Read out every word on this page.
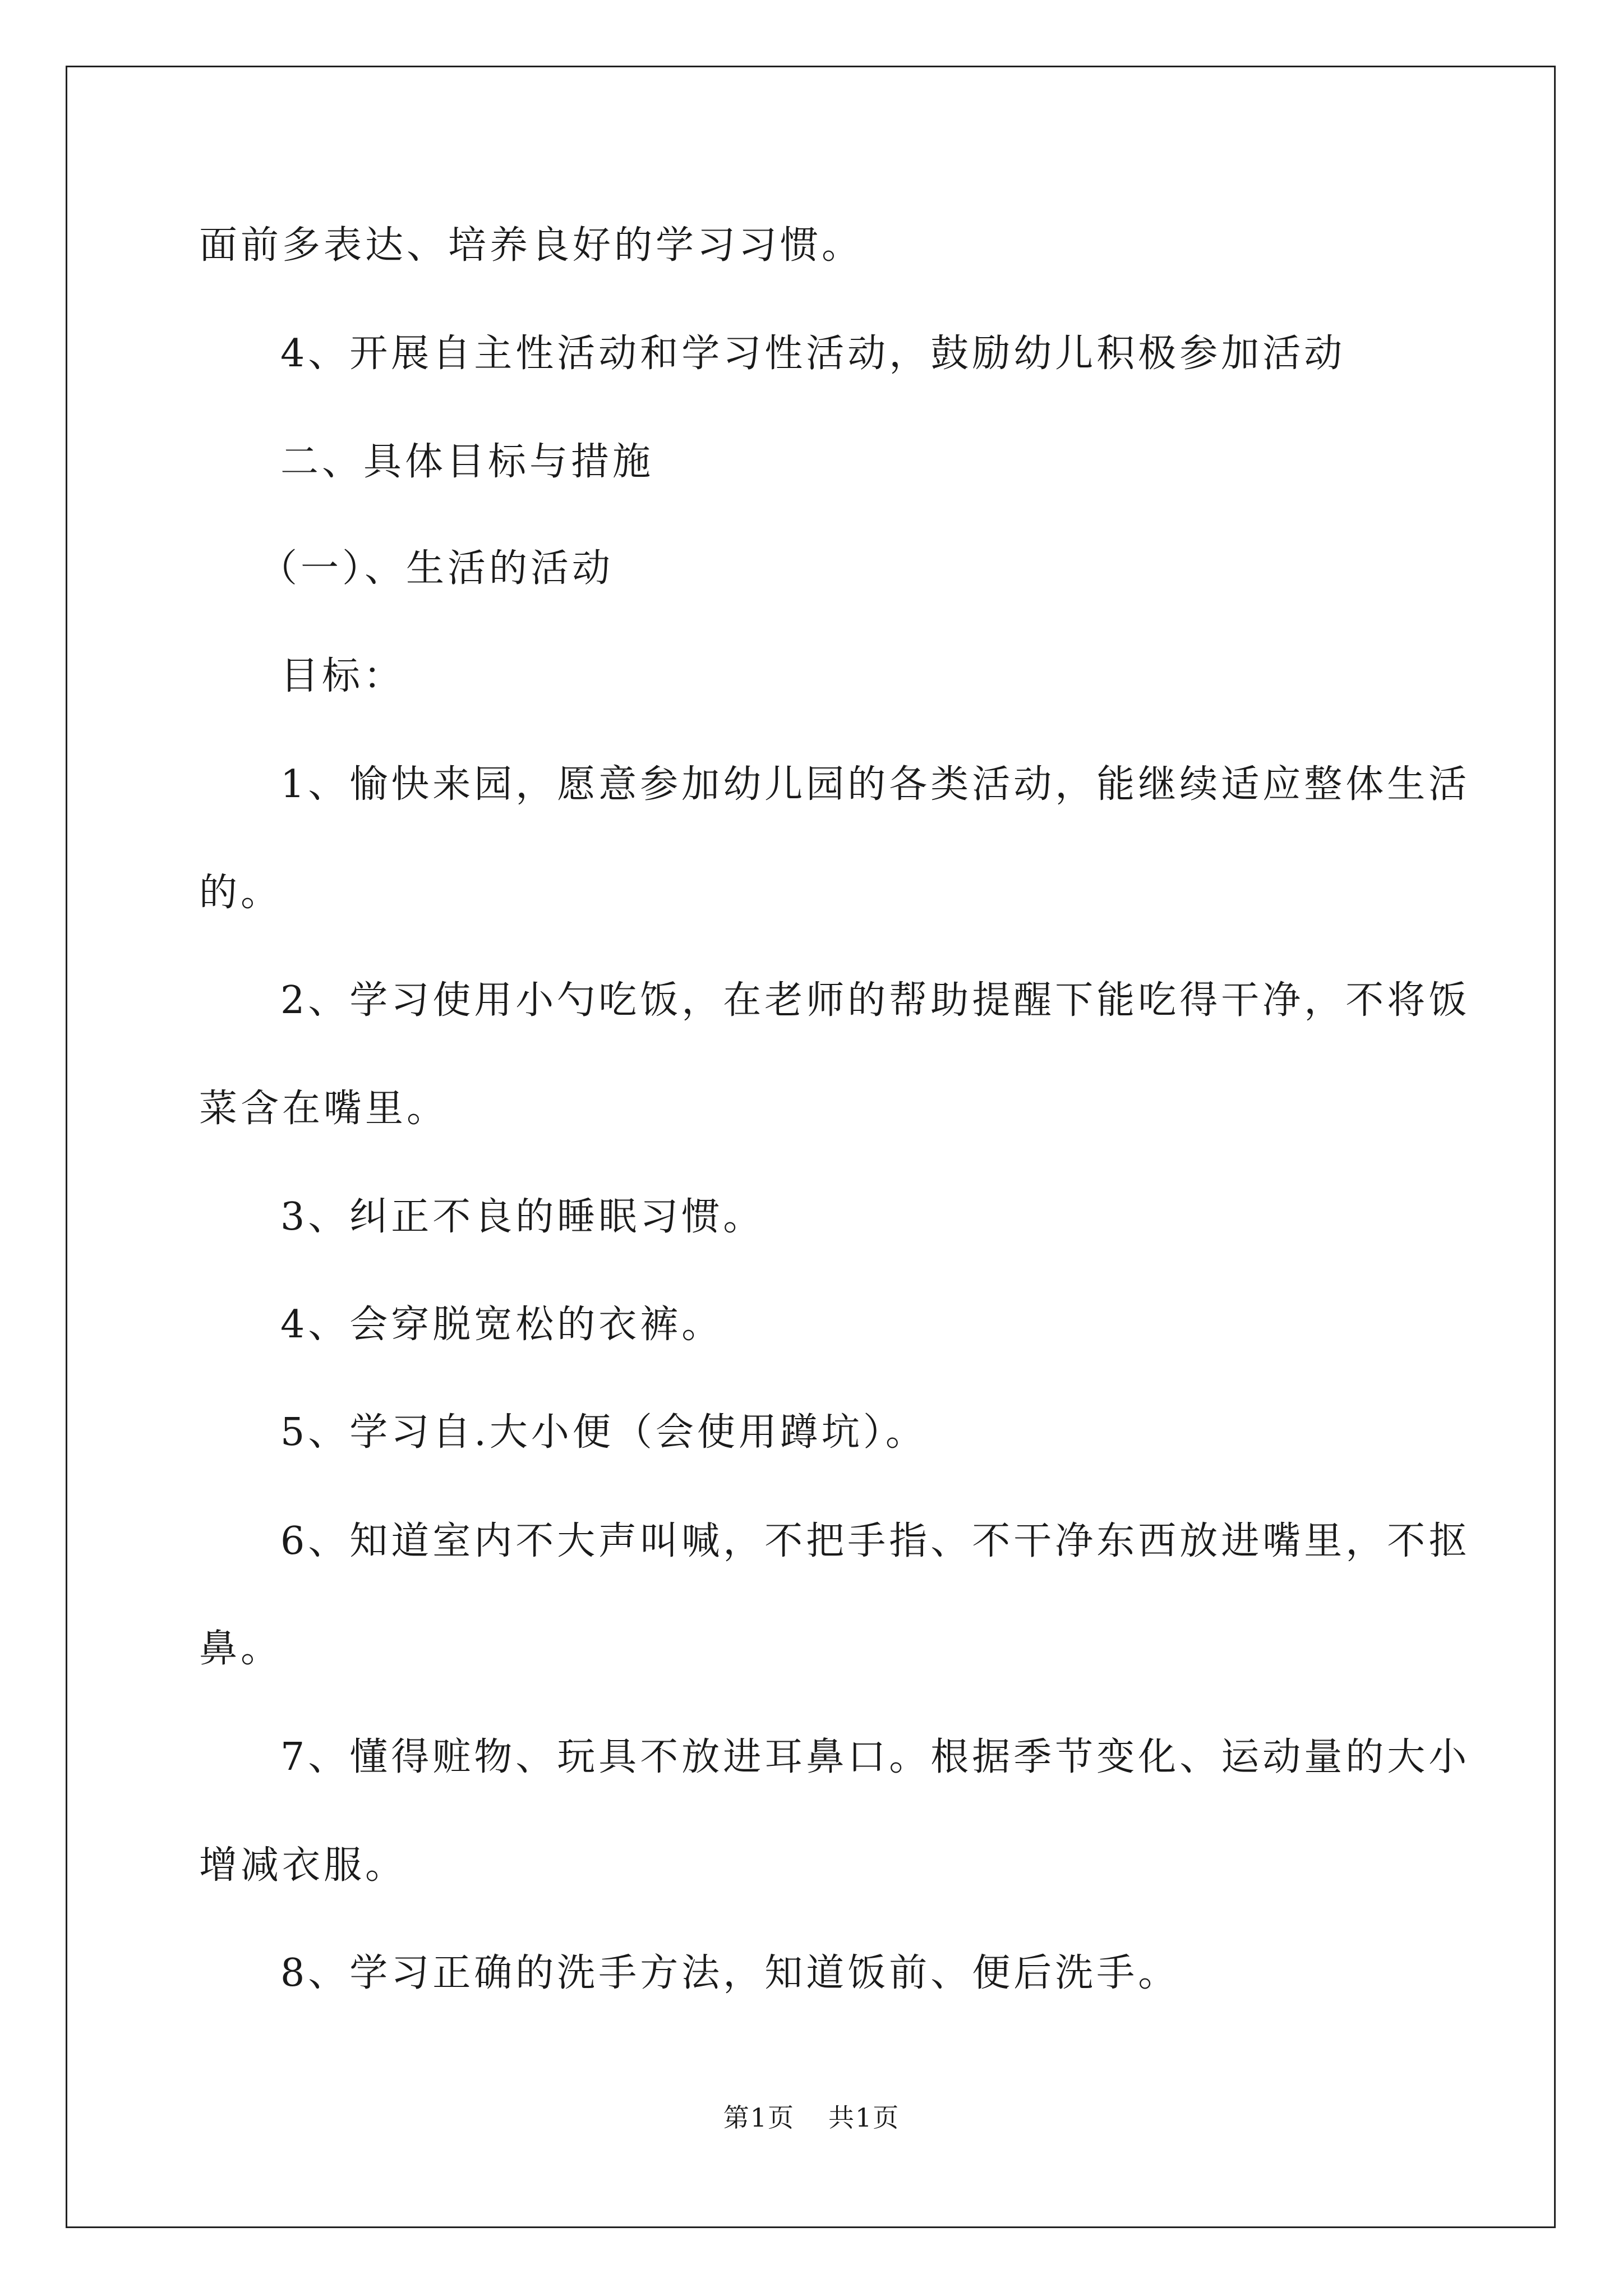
面前多表达、培养良好的学习习惯。
4、开展自主性活动和学习性活动，鼓励幼儿积极参加活动
二、具体目标与措施
（一）、生活的活动
目标：
1、愉快来园，愿意参加幼儿园的各类活动，能继续适应整体生活
的。
2、学习使用小勺吃饭，在老师的帮助提醒下能吃得干净，不将饭
菜含在嘴里。
3、纠正不良的睡眠习惯。
4、会穿脱宽松的衣裤。
5、学习自.大小便（会使用蹲坑）。
6、知道室内不大声叫喊，不把手指、不干净东西放进嘴里，不抠
鼻。
7、懂得赃物、玩具不放进耳鼻口。根据季节变化、运动量的大小
增减衣服。
8、学习正确的洗手方法，知道饭前、便后洗手。
第1页 共1页
